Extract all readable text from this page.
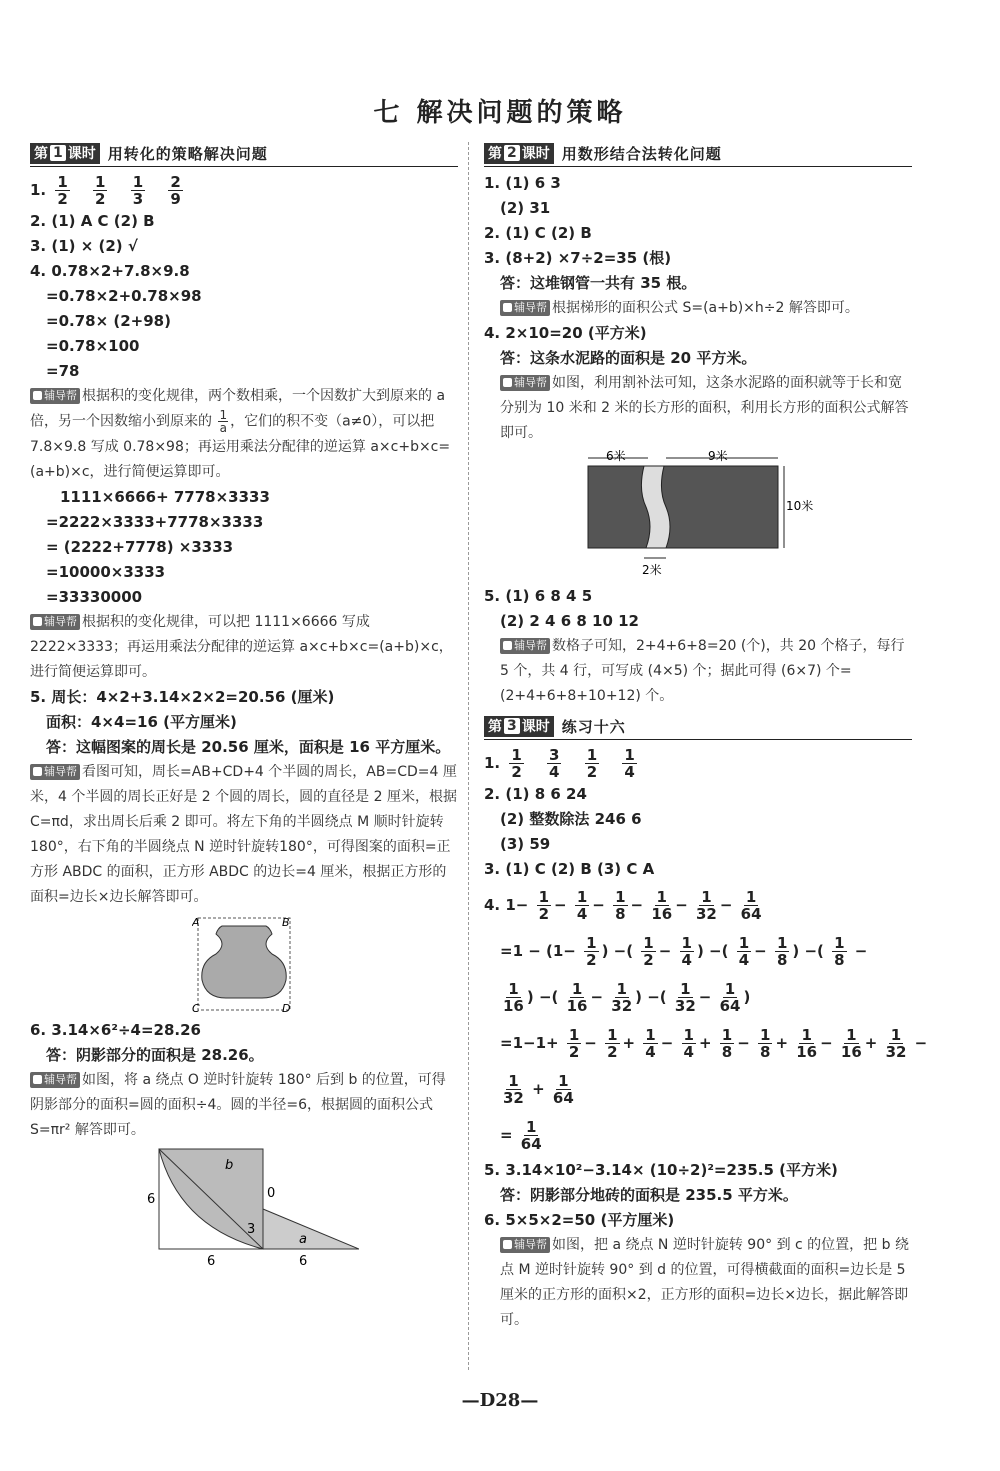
七 解决问题的策略
第 1 课时 用转化的策略解决问题
1. $\frac{1}{2}$
$\frac{1}{2}$
$\frac{1}{3}$
$\frac{2}{9}$
2. (1) A C (2) B
3. (1) × (2) √
4. 0.78×2+7.8×9.8
=0.78×2+0.78×98
=0.78× (2+98)
=0.78×100
=78
辅导帮 根据积的变化规律，两个数相乘，一个因数扩大到原来的 a 倍，另一个因数缩小到原来的 $\frac{1}{a}$ ，它们的积不变（a≠0），可以把 7.8×9.8 写成 0.78×98；再运用乘法分配律的逆运算 a×c+b×c=(a+b)×c，进行简便运算即可。
1111×6666+ 7778×3333
=2222×3333+7778×3333
= (2222+7778) ×3333
=10000×3333
=33330000
辅导帮 根据积的变化规律，可以把 1111×6666 写成 2222×3333；再运用乘法分配律的逆运算 a×c+b×c=(a+b)×c，进行简便运算即可。
5. 周长：4×2+3.14×2×2=20.56 (厘米)
面积：4×4=16 (平方厘米)
答：这幅图案的周长是 20.56 厘米，面积是 16 平方厘米。
辅导帮 看图可知，周长=AB+CD+4 个半圆的周长，AB=CD=4 厘米，4 个半圆的周长正好是 2 个圆的周长，圆的直径是 2 厘米，根据 C=πd，求出周长后乘 2 即可。将左下角的半圆绕点 M 顺时针旋转 180°，右下角的半圆绕点 N 逆时针旋转180°，可得图案的面积=正方形 ABDC 的面积，正方形 ABDC 的边长=4 厘米，根据正方形的面积=边长×边长解答即可。
A	B
C	D
6. 3.14×6²÷4=28.26
答：阴影部分的面积是 28.26。
辅导帮 如图，将 a 绕点 O 逆时针旋转 180° 后到 b 的位置，可得阴影部分的面积=圆的面积÷4。圆的半径=6，根据圆的面积公式 S=πr² 解答即可。
b
0
6
3
a
6	6
第 2 课时 用数形结合法转化问题
1. (1) 6 3
(2) 31
2. (1) C (2) B
3. (8+2) ×7÷2=35 (根)
答：这堆钢管一共有 35 根。
辅导帮 根据梯形的面积公式 S=(a+b)×h÷2 解答即可。
4. 2×10=20 (平方米)
答：这条水泥路的面积是 20 平方米。
辅导帮 如图，利用割补法可知，这条水泥路的面积就等于长和宽分别为 10 米和 2 米的长方形的面积，利用长方形的面积公式解答即可。
6米	9米
10米
2米
5. (1) 6 8 4 5
(2) 2 4 6 8 10 12
辅导帮 数格子可知，2+4+6+8=20 (个)，共 20 个格子，每行 5 个，共 4 行，可写成 (4×5) 个；据此可得 (6×7) 个=(2+4+6+8+10+12) 个。
第 3 课时 练习十六
1. $\frac{1}{2}$
$\frac{3}{4}$
$\frac{1}{2}$
$\frac{1}{4}$
2. (1) 8 6 24
(2) 整数除法 246 6
(3) 59
3. (1) C (2) B (3) C A
4. $1- \frac{1}{2} - \frac{1}{4} - \frac{1}{8} - \frac{1}{16} - \frac{1}{32} - \frac{1}{64}$
$=1 - (1- \frac{1}{2}$ ) −( $\frac{1}{2} - \frac{1}{4}$ ) −( $\frac{1}{4} - \frac{1}{8}$ ) −( $\frac{1}{8}$ −
$\frac{1}{16}$ ) −( $\frac{1}{16} - \frac{1}{32}$ ) −( $\frac{1}{32} - \frac{1}{64}$ )
$=1-1+ \frac{1}{2} - \frac{1}{2} + \frac{1}{4} - \frac{1}{4} + \frac{1}{8} - \frac{1}{8} + \frac{1}{16} - \frac{1}{16} + \frac{1}{32}$ −
$\frac{1}{32} + \frac{1}{64}$
= $\frac{1}{64}$
5. 3.14×10²−3.14× (10÷2)²=235.5 (平方米)
答：阴影部分地砖的面积是 235.5 平方米。
6. 5×5×2=50 (平方厘米)
辅导帮 如图，把 a 绕点 N 逆时针旋转 90° 到 c 的位置，把 b 绕点 M 逆时针旋转 90° 到 d 的位置，可得横截面的面积=边长是 5 厘米的正方形的面积×2，正方形的面积=边长×边长，据此解答即可。
—D28—
